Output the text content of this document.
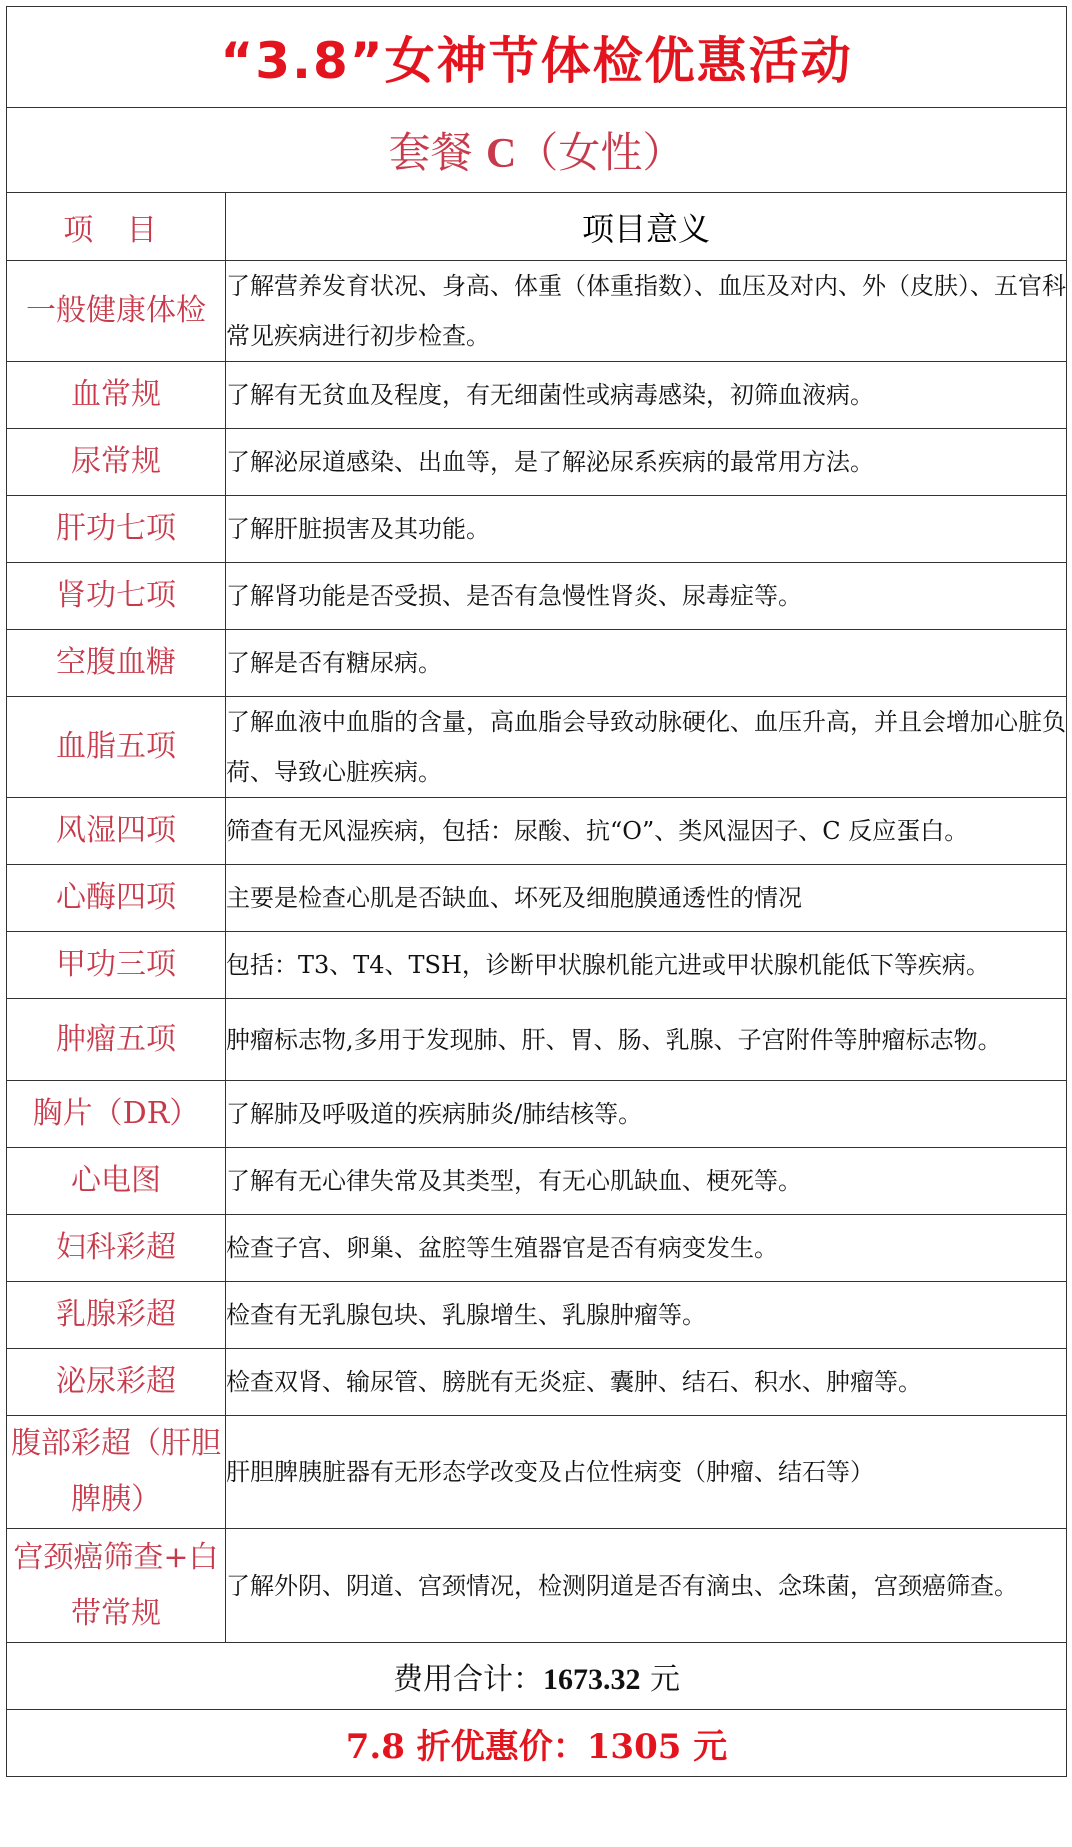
“3.8”女神节体检优惠活动	
套餐 C（女性）	
项 目	项目意义
一般健康体检	了解营养发育状况、身高、体重（体重指数）、血压及对内、外（皮肤）、五官科常见疾病进行初步检查。
血常规	了解有无贫血及程度，有无细菌性或病毒感染，初筛血液病。
尿常规	了解泌尿道感染、出血等，是了解泌尿系疾病的最常用方法。
肝功七项	了解肝脏损害及其功能。
肾功七项	了解肾功能是否受损、是否有急慢性肾炎、尿毒症等。
空腹血糖	了解是否有糖尿病。
血脂五项	了解血液中血脂的含量，高血脂会导致动脉硬化、血压升高，并且会增加心脏负荷、导致心脏疾病。
风湿四项	筛查有无风湿疾病，包括：尿酸、抗“O”、类风湿因子、C 反应蛋白。
心酶四项	主要是检查心肌是否缺血、坏死及细胞膜通透性的情况
甲功三项	包括：T3、T4、TSH，诊断甲状腺机能亢进或甲状腺机能低下等疾病。
肿瘤五项	肿瘤标志物,多用于发现肺、肝、胃、肠、乳腺、子宫附件等肿瘤标志物。
胸片（DR）	了解肺及呼吸道的疾病肺炎/肺结核等。
心电图	了解有无心律失常及其类型，有无心肌缺血、梗死等。
妇科彩超	检查子宫、卵巢、盆腔等生殖器官是否有病变发生。
乳腺彩超	检查有无乳腺包块、乳腺增生、乳腺肿瘤等。
泌尿彩超	检查双肾、输尿管、膀胱有无炎症、囊肿、结石、积水、肿瘤等。
腹部彩超（肝胆脾胰）	肝胆脾胰脏器有无形态学改变及占位性病变（肿瘤、结石等）
宫颈癌筛查+白带常规	了解外阴、阴道、宫颈情况，检测阴道是否有滴虫、念珠菌，宫颈癌筛查。
费用合计：1673.32 元	
7.8 折优惠价：1305 元	
